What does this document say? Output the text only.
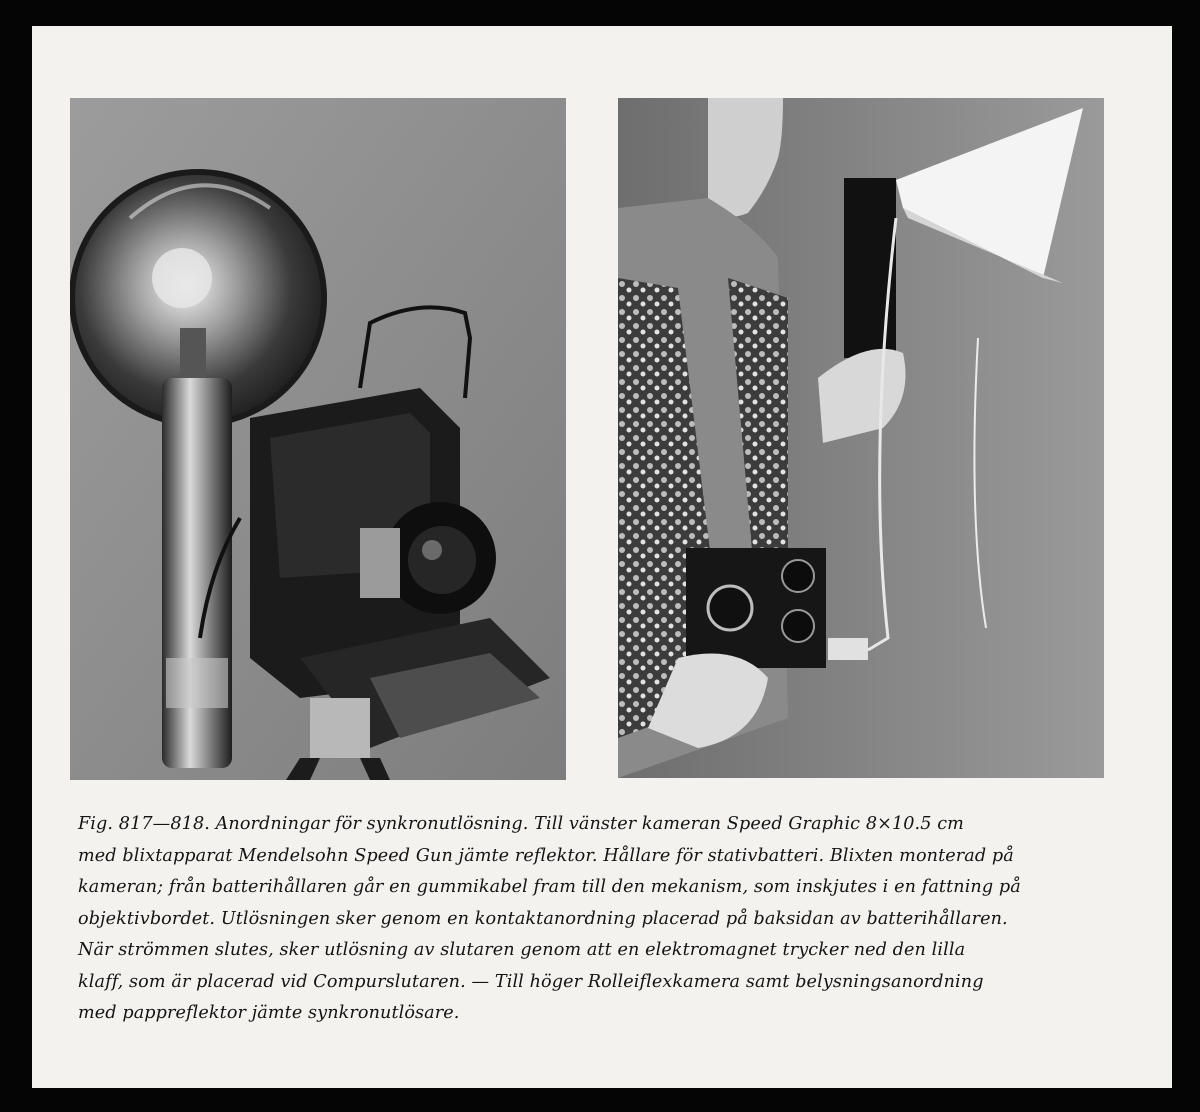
Fig. 817—818. Anordningar för synkronutlösning. Till vänster kameran Speed Graphic 8×10.5 cm
med blixtapparat Mendelsohn Speed Gun jämte reflektor. Hållare för stativbatteri. Blixten monterad på
kameran; från batterihållaren går en gummikabel fram till den mekanism, som inskjutes i en fattning på
objektivbordet. Utlösningen sker genom en kontaktanordning placerad på baksidan av batterihållaren.
När strömmen slutes, sker utlösning av slutaren genom att en elektromagnet trycker ned den lilla
klaff, som är placerad vid Compurslutaren. — Till höger Rolleiflexkamera samt belysningsanordning
med pappreflektor jämte synkronutlösare.
